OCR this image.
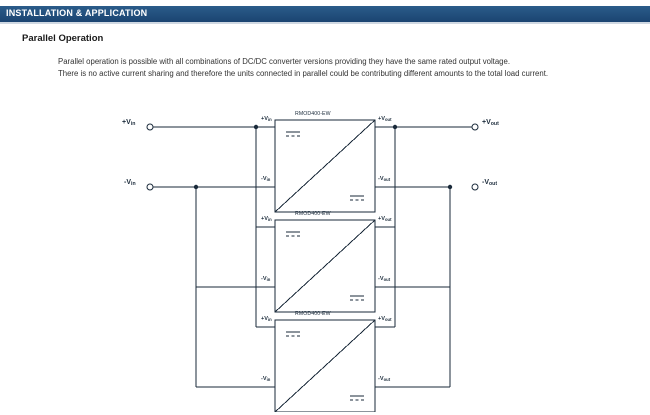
INSTALLATION & APPLICATION
Parallel Operation
Parallel operation is possible with all combinations of DC/DC converter versions providing they have the same rated output voltage.
There is no active current sharing and therefore the units connected in parallel could be contributing different amounts to the total load current.
$+V_{in}$
$-V_{in}$
$+V_{out}$
$-V_{out}$
RMOD400-EW
RMOD400-EW
RMOD400-EW
$+V_{in}$
$-V_{in}$
$+V_{out}$
$-V_{out}$
$+V_{in}$
$-V_{in}$
$+V_{out}$
$-V_{out}$
$+V_{in}$
$-V_{in}$
$+V_{out}$
$-V_{out}$
